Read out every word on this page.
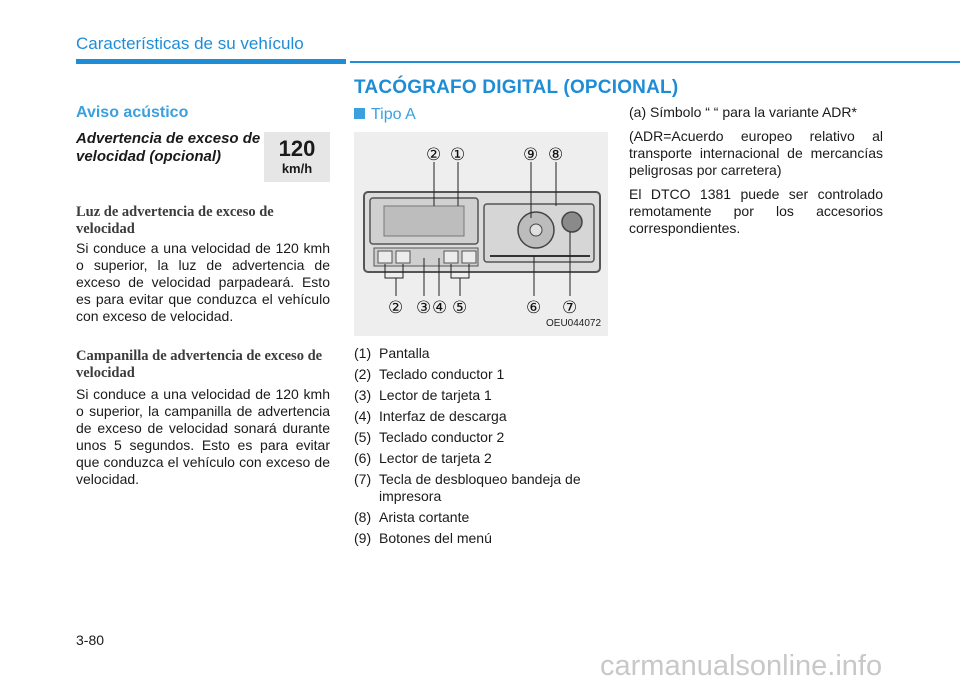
Características de su vehículo
TACÓGRAFO DIGITAL (OPCIONAL)
Aviso acústico
Advertencia de exceso de velocidad (opcional)	120
km/h
Luz de advertencia de exceso de velocidad
Si conduce a una velocidad de 120 kmh o superior, la luz de advertencia de exceso de velocidad parpadeará. Esto es para evitar que conduzca el vehículo con exceso de velocidad.
Campanilla de advertencia de exceso de velocidad
Si conduce a una velocidad de 120 kmh o superior, la campanilla de advertencia de exceso de velocidad sonará durante unos 5 segundos. Esto es para evitar que conduzca el vehículo con exceso de velocidad.
Tipo A
② ①	⑨ ⑧
② ③ ④ ⑤	⑥ ⑦
OEU044072
(1) Pantalla
(2) Teclado conductor 1
(3) Lector de tarjeta 1
(4) Interfaz de descarga
(5) Teclado conductor 2
(6) Lector de tarjeta 2
(7) Tecla de desbloqueo bandeja de impresora
(8) Arista cortante
(9) Botones del menú

(a) Símbolo “ “ para la variante ADR*

(ADR=Acuerdo europeo relativo al transporte internacional de mercancías peligrosas por carretera)

El DTCO 1381 puede ser controlado remotamente por los accesorios correspondientes.

3-80
carmanualsonline.info
